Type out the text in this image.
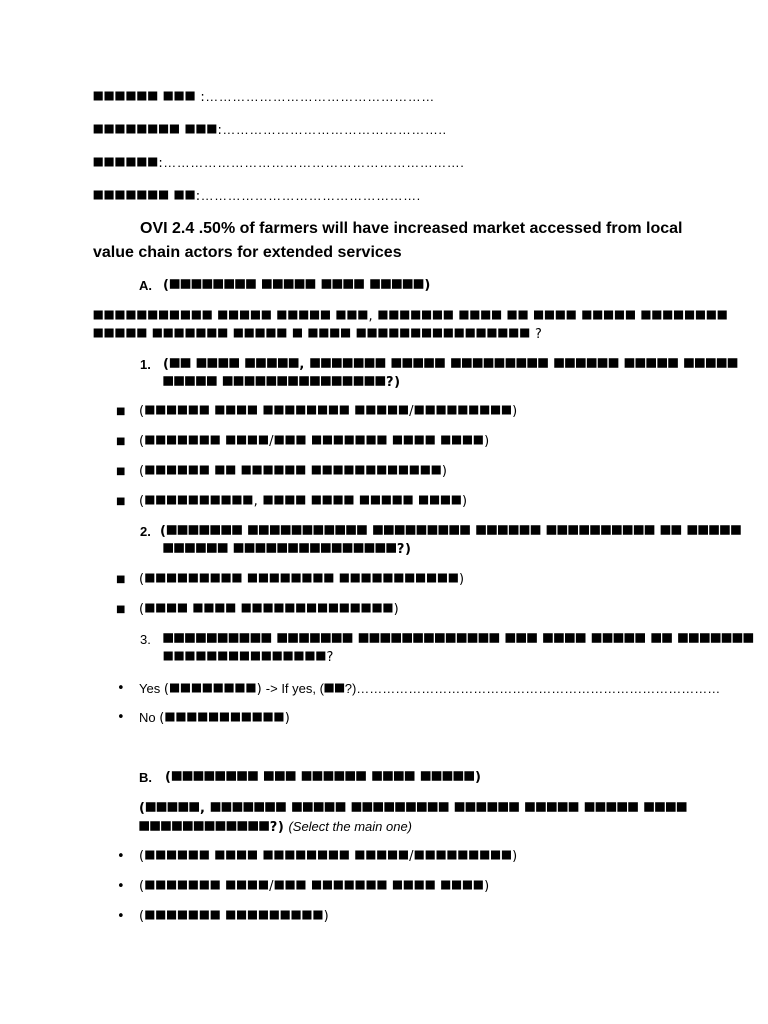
⯀⯀⯀⯀⯀⯀ ⯀⯀⯀ :……………………………………………
⯀⯀⯀⯀⯀⯀⯀⯀ ⯀⯀⯀:…………………………………………..
⯀⯀⯀⯀⯀⯀:………………………………………………………….
⯀⯀⯀⯀⯀⯀⯀ ⯀⯀:………………………………………….
OVI 2.4 .50% of farmers will have increased market accessed from local
value chain actors for extended services
A. (⯀⯀⯀⯀⯀⯀⯀⯀ ⯀⯀⯀⯀⯀ ⯀⯀⯀⯀ ⯀⯀⯀⯀⯀)
⯀⯀⯀⯀⯀⯀⯀⯀⯀⯀⯀ ⯀⯀⯀⯀⯀ ⯀⯀⯀⯀⯀ ⯀⯀⯀, ⯀⯀⯀⯀⯀⯀⯀ ⯀⯀⯀⯀ ⯀⯀ ⯀⯀⯀⯀ ⯀⯀⯀⯀⯀ ⯀⯀⯀⯀⯀⯀⯀⯀
⯀⯀⯀⯀⯀ ⯀⯀⯀⯀⯀⯀⯀ ⯀⯀⯀⯀⯀ ⯀ ⯀⯀⯀⯀ ⯀⯀⯀⯀⯀⯀⯀⯀⯀⯀⯀⯀⯀⯀⯀⯀ ?
1. (⯀⯀ ⯀⯀⯀⯀ ⯀⯀⯀⯀⯀, ⯀⯀⯀⯀⯀⯀⯀ ⯀⯀⯀⯀⯀ ⯀⯀⯀⯀⯀⯀⯀⯀⯀ ⯀⯀⯀⯀⯀⯀ ⯀⯀⯀⯀⯀ ⯀⯀⯀⯀⯀
⯀⯀⯀⯀⯀ ⯀⯀⯀⯀⯀⯀⯀⯀⯀⯀⯀⯀⯀⯀⯀?)
■ (⯀⯀⯀⯀⯀⯀ ⯀⯀⯀⯀ ⯀⯀⯀⯀⯀⯀⯀⯀ ⯀⯀⯀⯀⯀/⯀⯀⯀⯀⯀⯀⯀⯀⯀)
■ (⯀⯀⯀⯀⯀⯀⯀ ⯀⯀⯀⯀/⯀⯀⯀ ⯀⯀⯀⯀⯀⯀⯀ ⯀⯀⯀⯀ ⯀⯀⯀⯀)
■ (⯀⯀⯀⯀⯀⯀ ⯀⯀ ⯀⯀⯀⯀⯀⯀ ⯀⯀⯀⯀⯀⯀⯀⯀⯀⯀⯀⯀)
■ (⯀⯀⯀⯀⯀⯀⯀⯀⯀⯀, ⯀⯀⯀⯀ ⯀⯀⯀⯀ ⯀⯀⯀⯀⯀ ⯀⯀⯀⯀)
2. (⯀⯀⯀⯀⯀⯀⯀ ⯀⯀⯀⯀⯀⯀⯀⯀⯀⯀⯀ ⯀⯀⯀⯀⯀⯀⯀⯀⯀ ⯀⯀⯀⯀⯀⯀ ⯀⯀⯀⯀⯀⯀⯀⯀⯀⯀ ⯀⯀ ⯀⯀⯀⯀⯀
⯀⯀⯀⯀⯀⯀ ⯀⯀⯀⯀⯀⯀⯀⯀⯀⯀⯀⯀⯀⯀⯀?)
■ (⯀⯀⯀⯀⯀⯀⯀⯀⯀ ⯀⯀⯀⯀⯀⯀⯀⯀ ⯀⯀⯀⯀⯀⯀⯀⯀⯀⯀⯀)
■ (⯀⯀⯀⯀ ⯀⯀⯀⯀ ⯀⯀⯀⯀⯀⯀⯀⯀⯀⯀⯀⯀⯀⯀)
3. ⯀⯀⯀⯀⯀⯀⯀⯀⯀⯀ ⯀⯀⯀⯀⯀⯀⯀ ⯀⯀⯀⯀⯀⯀⯀⯀⯀⯀⯀⯀⯀ ⯀⯀⯀ ⯀⯀⯀⯀ ⯀⯀⯀⯀⯀ ⯀⯀ ⯀⯀⯀⯀⯀⯀⯀
⯀⯀⯀⯀⯀⯀⯀⯀⯀⯀⯀⯀⯀⯀⯀?
• Yes (⯀⯀⯀⯀⯀⯀⯀⯀) -> If yes, (⯀⯀?)…………………………………………………………………………
• No (⯀⯀⯀⯀⯀⯀⯀⯀⯀⯀⯀)
B. (⯀⯀⯀⯀⯀⯀⯀⯀ ⯀⯀⯀ ⯀⯀⯀⯀⯀⯀ ⯀⯀⯀⯀ ⯀⯀⯀⯀⯀)
(⯀⯀⯀⯀⯀, ⯀⯀⯀⯀⯀⯀⯀ ⯀⯀⯀⯀⯀ ⯀⯀⯀⯀⯀⯀⯀⯀⯀ ⯀⯀⯀⯀⯀⯀ ⯀⯀⯀⯀⯀ ⯀⯀⯀⯀⯀ ⯀⯀⯀⯀
⯀⯀⯀⯀⯀⯀⯀⯀⯀⯀⯀⯀?) (Select the main one)
• (⯀⯀⯀⯀⯀⯀ ⯀⯀⯀⯀ ⯀⯀⯀⯀⯀⯀⯀⯀ ⯀⯀⯀⯀⯀/⯀⯀⯀⯀⯀⯀⯀⯀⯀)
• (⯀⯀⯀⯀⯀⯀⯀ ⯀⯀⯀⯀/⯀⯀⯀ ⯀⯀⯀⯀⯀⯀⯀ ⯀⯀⯀⯀ ⯀⯀⯀⯀)
• (⯀⯀⯀⯀⯀⯀⯀ ⯀⯀⯀⯀⯀⯀⯀⯀⯀)
